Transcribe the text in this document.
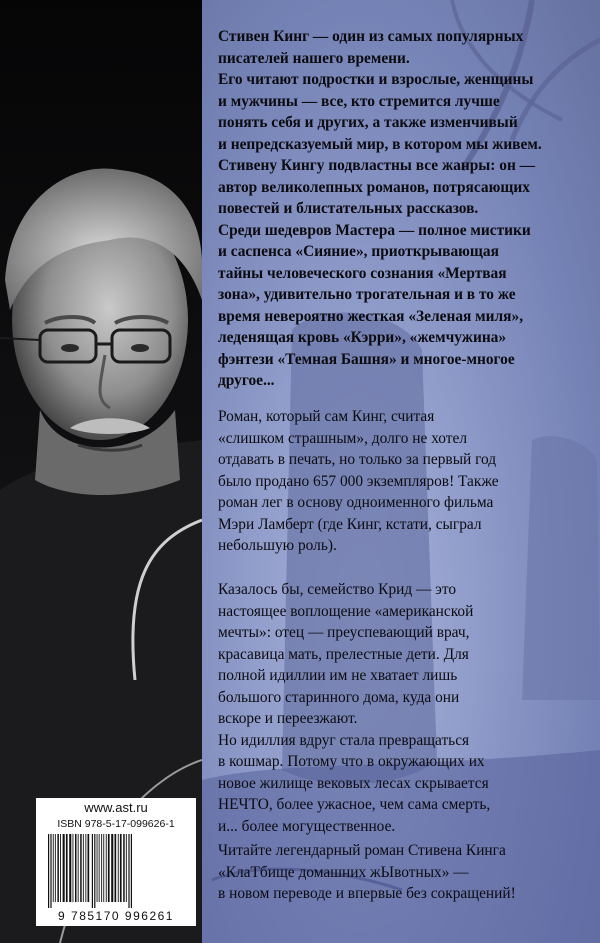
Стивен Кинг — один из самых популярных
писателей нашего времени.
Его читают подростки и взрослые, женщины
и мужчины — все, кто стремится лучше
понять себя и других, а также изменчивый
и непредсказуемый мир, в котором мы живем.
Стивену Кингу подвластны все жанры: он —
автор великолепных романов, потрясающих
повестей и блистательных рассказов.
Среди шедевров Мастера — полное мистики
и саспенса «Сияние», приоткрывающая
тайны человеческого сознания «Мертвая
зона», удивительно трогательная и в то же
время невероятно жесткая «Зеленая миля»,
леденящая кровь «Кэрри», «жемчужина»
фэнтези «Темная Башня» и многое-многое
другое...
Роман, который сам Кинг, считая
«слишком страшным», долго не хотел
отдавать в печать, но только за первый год
было продано 657 000 экземпляров! Также
роман лег в основу одноименного фильма
Мэри Ламберт (где Кинг, кстати, сыграл
небольшую роль).
Казалось бы, семейство Крид — это
настоящее воплощение «американской
мечты»: отец — преуспевающий врач,
красавица мать, прелестные дети. Для
полной идиллии им не хватает лишь
большого старинного дома, куда они
вскоре и переезжают.
Но идиллия вдруг стала превращаться
в кошмар. Потому что в окружающих их
новое жилище вековых лесах скрывается
НЕЧТО, более ужасное, чем сама смерть,
и... более могущественное.
Читайте легендарный роман Стивена Кинга
«КлаТбище домашних жЫвотных» —
в новом переводе и впервые без сокращений!
www.ast.ru
ISBN 978-5-17-099626-1
9 785170 996261
